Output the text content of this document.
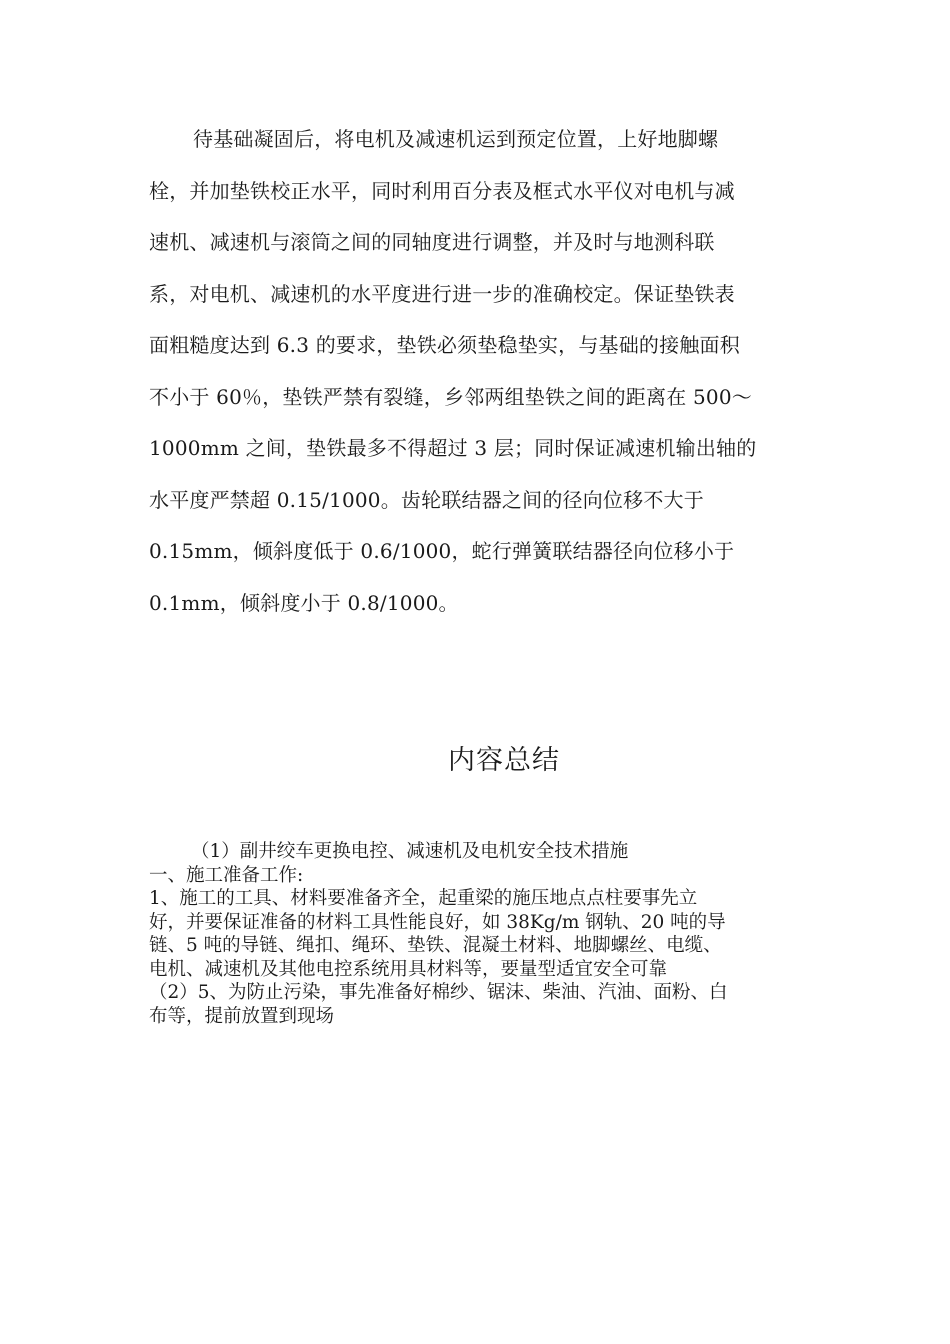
待基础凝固后，将电机及减速机运到预定位置，上好地脚螺
栓，并加垫铁校正水平，同时利用百分表及框式水平仪对电机与减
速机、减速机与滚筒之间的同轴度进行调整，并及时与地测科联
系，对电机、减速机的水平度进行进一步的准确校定。保证垫铁表
面粗糙度达到 6.3 的要求，垫铁必须垫稳垫实，与基础的接触面积
不小于 60％，垫铁严禁有裂缝，乡邻两组垫铁之间的距离在 500～
1000mm 之间，垫铁最多不得超过 3 层；同时保证减速机输出轴的
水平度严禁超 0.15/1000。齿轮联结器之间的径向位移不大于
0.15mm，倾斜度低于 0.6/1000，蛇行弹簧联结器径向位移小于
0.1mm，倾斜度小于 0.8/1000。

内容总结
（1）副井绞车更换电控、减速机及电机安全技术措施
一、施工准备工作:
1、施工的工具、材料要准备齐全，起重梁的施压地点点柱要事先立
好，并要保证准备的材料工具性能良好，如 38Kg/m 钢轨、20 吨的导
链、5 吨的导链、绳扣、绳环、垫铁、混凝土材料、地脚螺丝、电缆、
电机、减速机及其他电控系统用具材料等，要量型适宜安全可靠
（2）5、为防止污染，事先准备好棉纱、锯沫、柴油、汽油、面粉、白
布等，提前放置到现场
